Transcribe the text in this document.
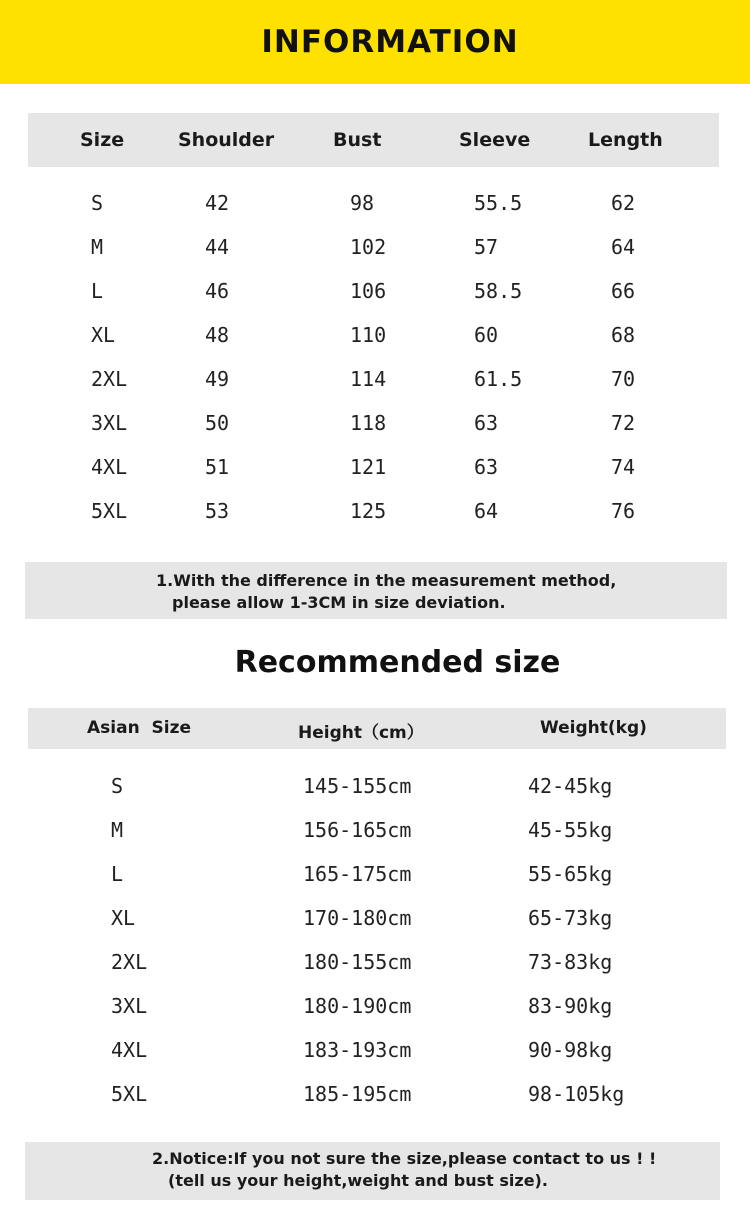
INFORMATION
Size	Shoulder	Bust	Sleeve	Length
S	42	98	55.5	62
M	44	102	57	64
L	46	106	58.5	66
XL	48	110	60	68
2XL	49	114	61.5	70
3XL	50	118	63	72
4XL	51	121	63	74
5XL	53	125	64	76
1.With the difference in the measurement method,
please allow 1-3CM in size deviation.
Recommended size
Asian  Size	Height（cm）	Weight(kg)
S	145-155cm	42-45kg
M	156-165cm	45-55kg
L	165-175cm	55-65kg
XL	170-180cm	65-73kg
2XL	180-155cm	73-83kg
3XL	180-190cm	83-90kg
4XL	183-193cm	90-98kg
5XL	185-195cm	98-105kg
2.Notice:If you not sure the size,please contact to us ! !
(tell us your height,weight and bust size).
